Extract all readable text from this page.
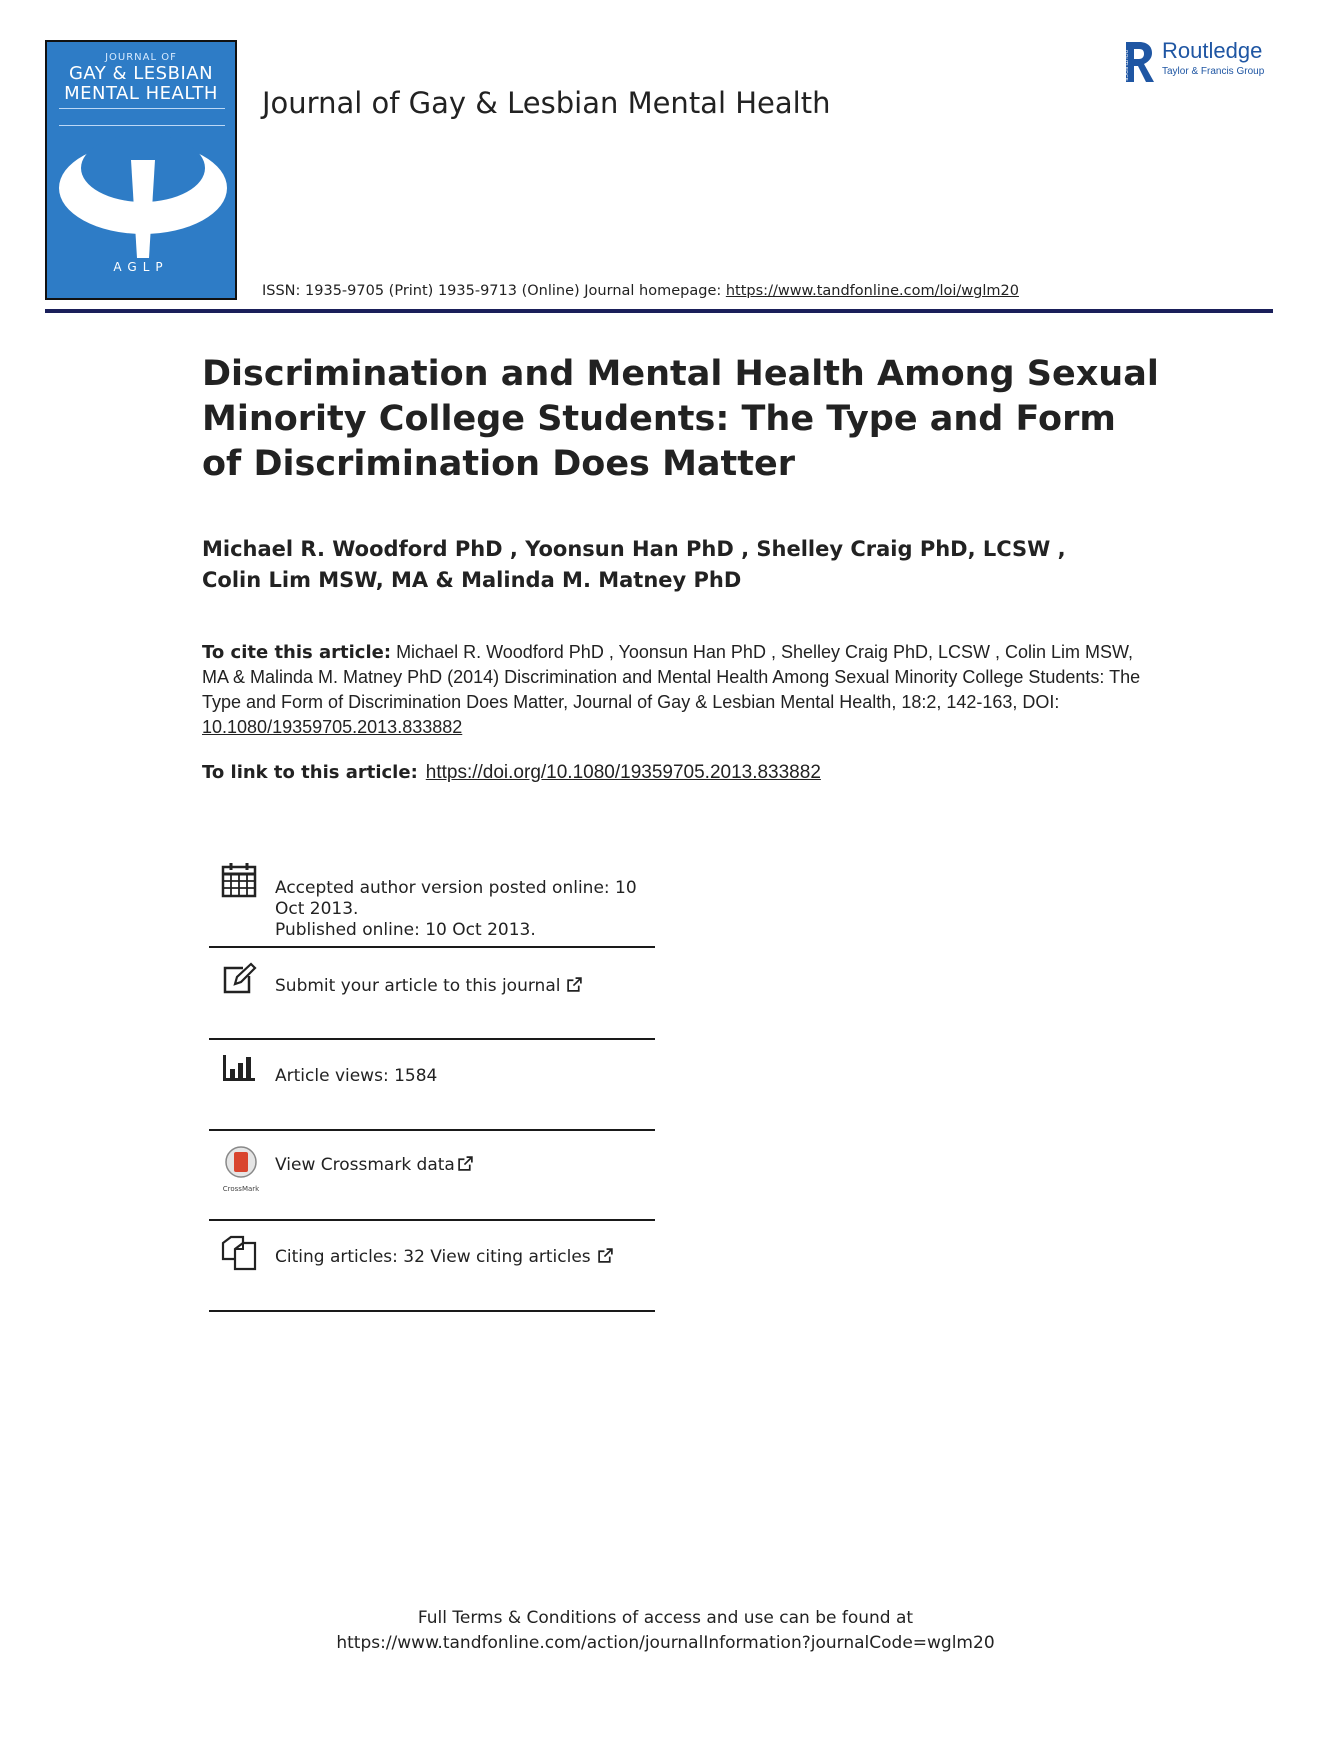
JOURNAL OF
GAY & LESBIAN
MENTAL HEALTH
AGLP
Journal of Gay & Lesbian Mental Health
ROUTLEDGE Routledge
Taylor & Francis Group
ISSN: 1935-9705 (Print) 1935-9713 (Online) Journal homepage: https://www.tandfonline.com/loi/wglm20
Discrimination and Mental Health Among Sexual Minority College Students: The Type and Form of Discrimination Does Matter
Michael R. Woodford PhD , Yoonsun Han PhD , Shelley Craig PhD, LCSW ,
Colin Lim MSW, MA & Malinda M. Matney PhD
To cite this article: Michael R. Woodford PhD , Yoonsun Han PhD , Shelley Craig PhD, LCSW , Colin Lim MSW, MA & Malinda M. Matney PhD (2014) Discrimination and Mental Health Among Sexual Minority College Students: The Type and Form of Discrimination Does Matter, Journal of Gay & Lesbian Mental Health, 18:2, 142-163, DOI: 10.1080/19359705.2013.833882
To link to this article: https://doi.org/10.1080/19359705.2013.833882
Accepted author version posted online: 10 Oct 2013.
Published online: 10 Oct 2013.
Submit your article to this journal
Article views: 1584
CrossMark
View Crossmark data
Citing articles: 32 View citing articles
Full Terms & Conditions of access and use can be found at
https://www.tandfonline.com/action/journalInformation?journalCode=wglm20
